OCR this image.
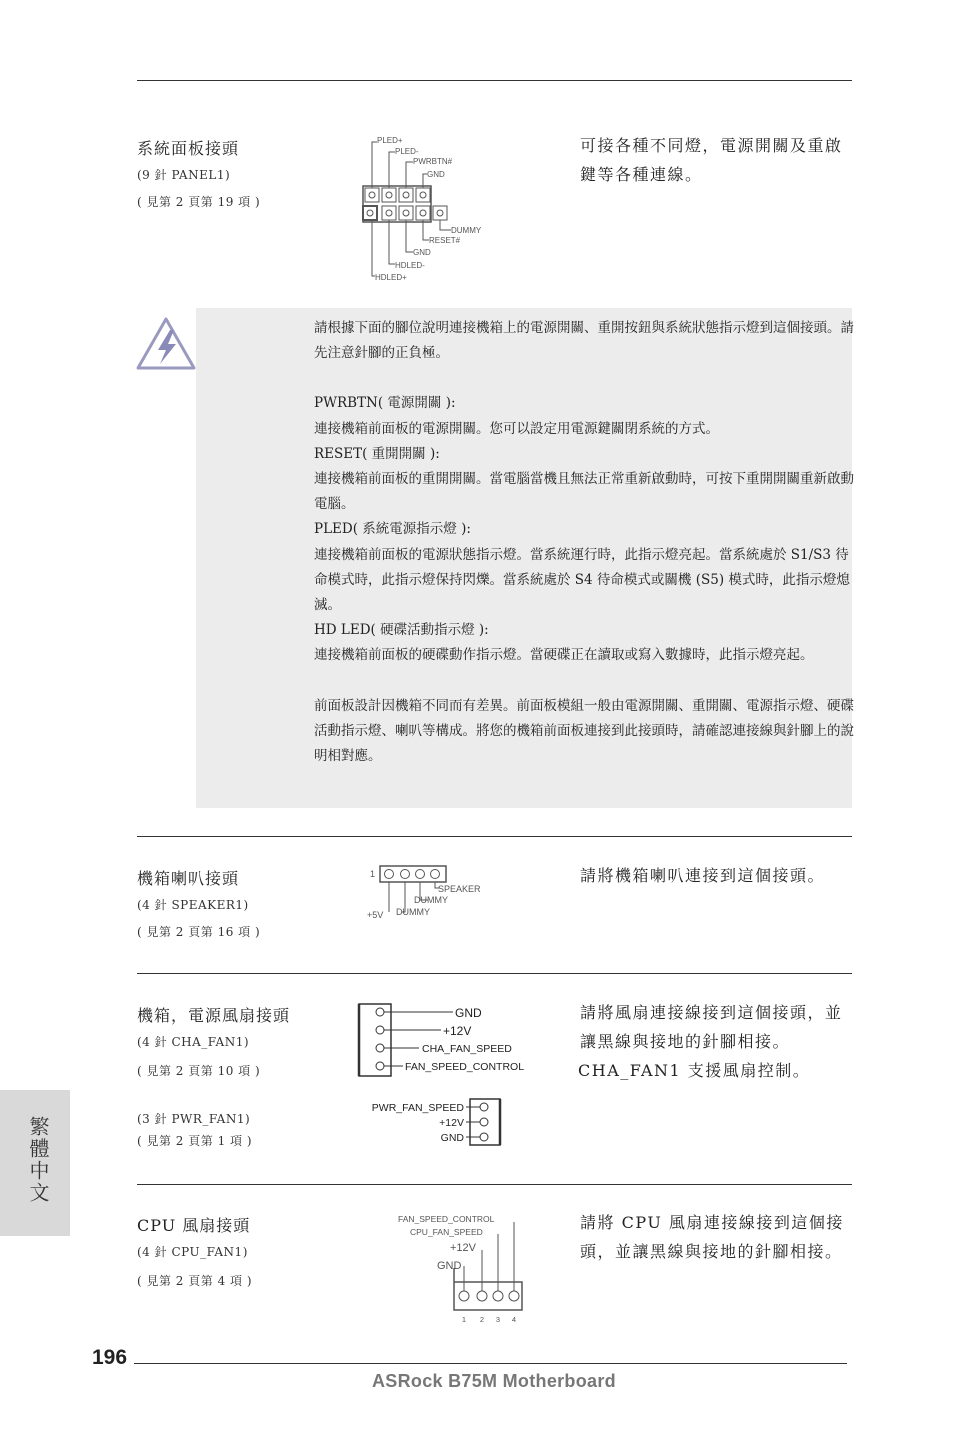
系統面板接頭
(9 針 PANEL1)
( 見第 2 頁第 19 項 )
PLED+
PLED-
PWRBTN#
GND
DUMMY
RESET#
GND
HDLED-
HDLED+
可接各種不同燈，電源開關及重啟鍵等各種連線。

請根據下面的腳位說明連接機箱上的電源開關、重開按鈕與系統狀態指示燈到這個接頭。請先注意針腳的正負極。

PWRBTN( 電源開關 ):

連接機箱前面板的電源開關。您可以設定用電源鍵關閉系統的方式。

RESET( 重開開關 ):

連接機箱前面板的重開開關。當電腦當機且無法正常重新啟動時，可按下重開開關重新啟動電腦。

PLED( 系統電源指示燈 ):

連接機箱前面板的電源狀態指示燈。當系統運行時，此指示燈亮起。當系統處於 S1/S3 待命模式時，此指示燈保持閃爍。當系統處於 S4 待命模式或關機 (S5) 模式時，此指示燈熄滅。

HD LED( 硬碟活動指示燈 ):

連接機箱前面板的硬碟動作指示燈。當硬碟正在讀取或寫入數據時，此指示燈亮起。

前面板設計因機箱不同而有差異。前面板模組一般由電源開關、重開關、電源指示燈、硬碟活動指示燈、喇叭等構成。將您的機箱前面板連接到此接頭時，請確認連接線與針腳上的說明相對應。

機箱喇叭接頭
(4 針 SPEAKER1)
( 見第 2 頁第 16 項 )
1
SPEAKER
DUMMY
+5V DUMMY
請將機箱喇叭連接到這個接頭。
機箱，電源風扇接頭
(4 針 CHA_FAN1)
( 見第 2 頁第 10 項 )
GND
+12V
CHA_FAN_SPEED
FAN_SPEED_CONTROL
請將風扇連接線接到這個接頭，並讓黑線與接地的針腳相接。
CHA_FAN1 支援風扇控制。
(3 針 PWR_FAN1)
( 見第 2 頁第 1 項 )
PWR_FAN_SPEED
+12V
GND
繁體中文
CPU 風扇接頭
(4 針 CPU_FAN1)
( 見第 2 頁第 4 項 )
FAN_SPEED_CONTROL
CPU_FAN_SPEED
+12V
GND
1 2 3 4
請將 CPU 風扇連接線接到這個接頭，並讓黑線與接地的針腳相接。
196
ASRock B75M Motherboard
